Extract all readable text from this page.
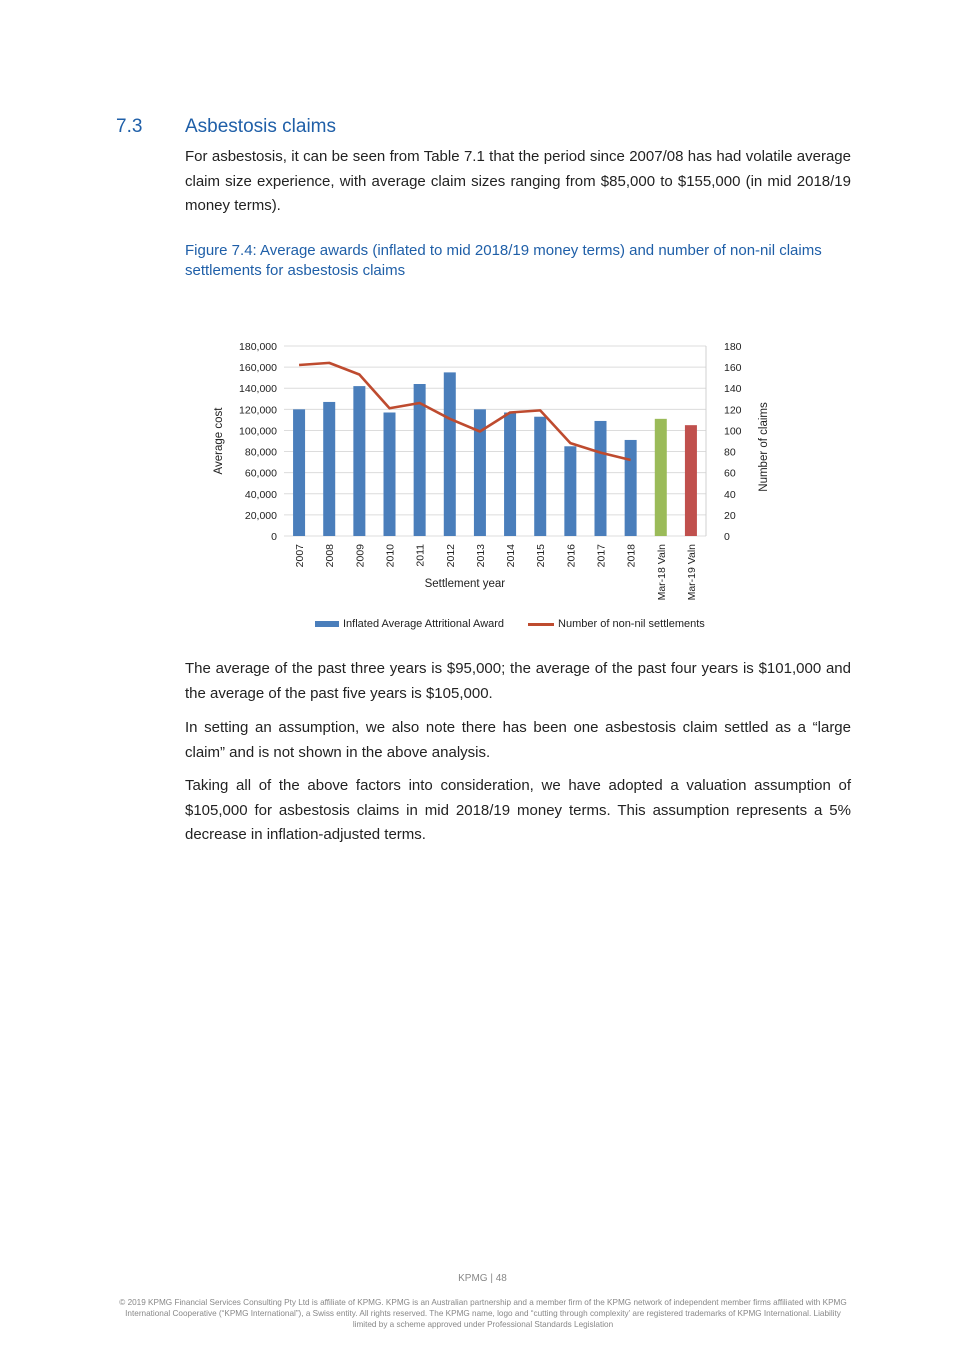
7.3 Asbestosis claims

For asbestosis, it can be seen from Table 7.1 that the period since 2007/08 has had volatile average claim size experience, with average claim sizes ranging from $85,000 to $155,000 (in mid 2018/19 money terms).

Figure 7.4: Average awards (inflated to mid 2018/19 money terms) and number of non-nil claims settlements for asbestosis claims
0	0
20,000	20
40,000	40
60,000	60
80,000	80
100,000	100
120,000	120
140,000	140
160,000	160
180,000	180
2007 2008 2009 2010 2011 2012 2013 2014 2015 2016 2017 2018 Mar-18 Valn Mar-19 Valn
Average cost	Number of claims
Settlement year
Inflated Average Attritional Award	Number of non-nil settlements

The average of the past three years is $95,000; the average of the past four years is $101,000 and the average of the past five years is $105,000.

In setting an assumption, we also note there has been one asbestosis claim settled as a “large claim” and is not shown in the above analysis.

Taking all of the above factors into consideration, we have adopted a valuation assumption of $105,000 for asbestosis claims in mid 2018/19 money terms. This assumption represents a 5% decrease in inflation-adjusted terms.

KPMG | 48
© 2019 KPMG Financial Services Consulting Pty Ltd is affiliate of KPMG. KPMG is an Australian partnership and a member firm of the KPMG network of independent member firms affiliated with KPMG International Cooperative (“KPMG International”), a Swiss entity. All rights reserved. The KPMG name, logo and “cutting through complexity’ are registered trademarks of KPMG International. Liability limited by a scheme approved under Professional Standards Legislation
